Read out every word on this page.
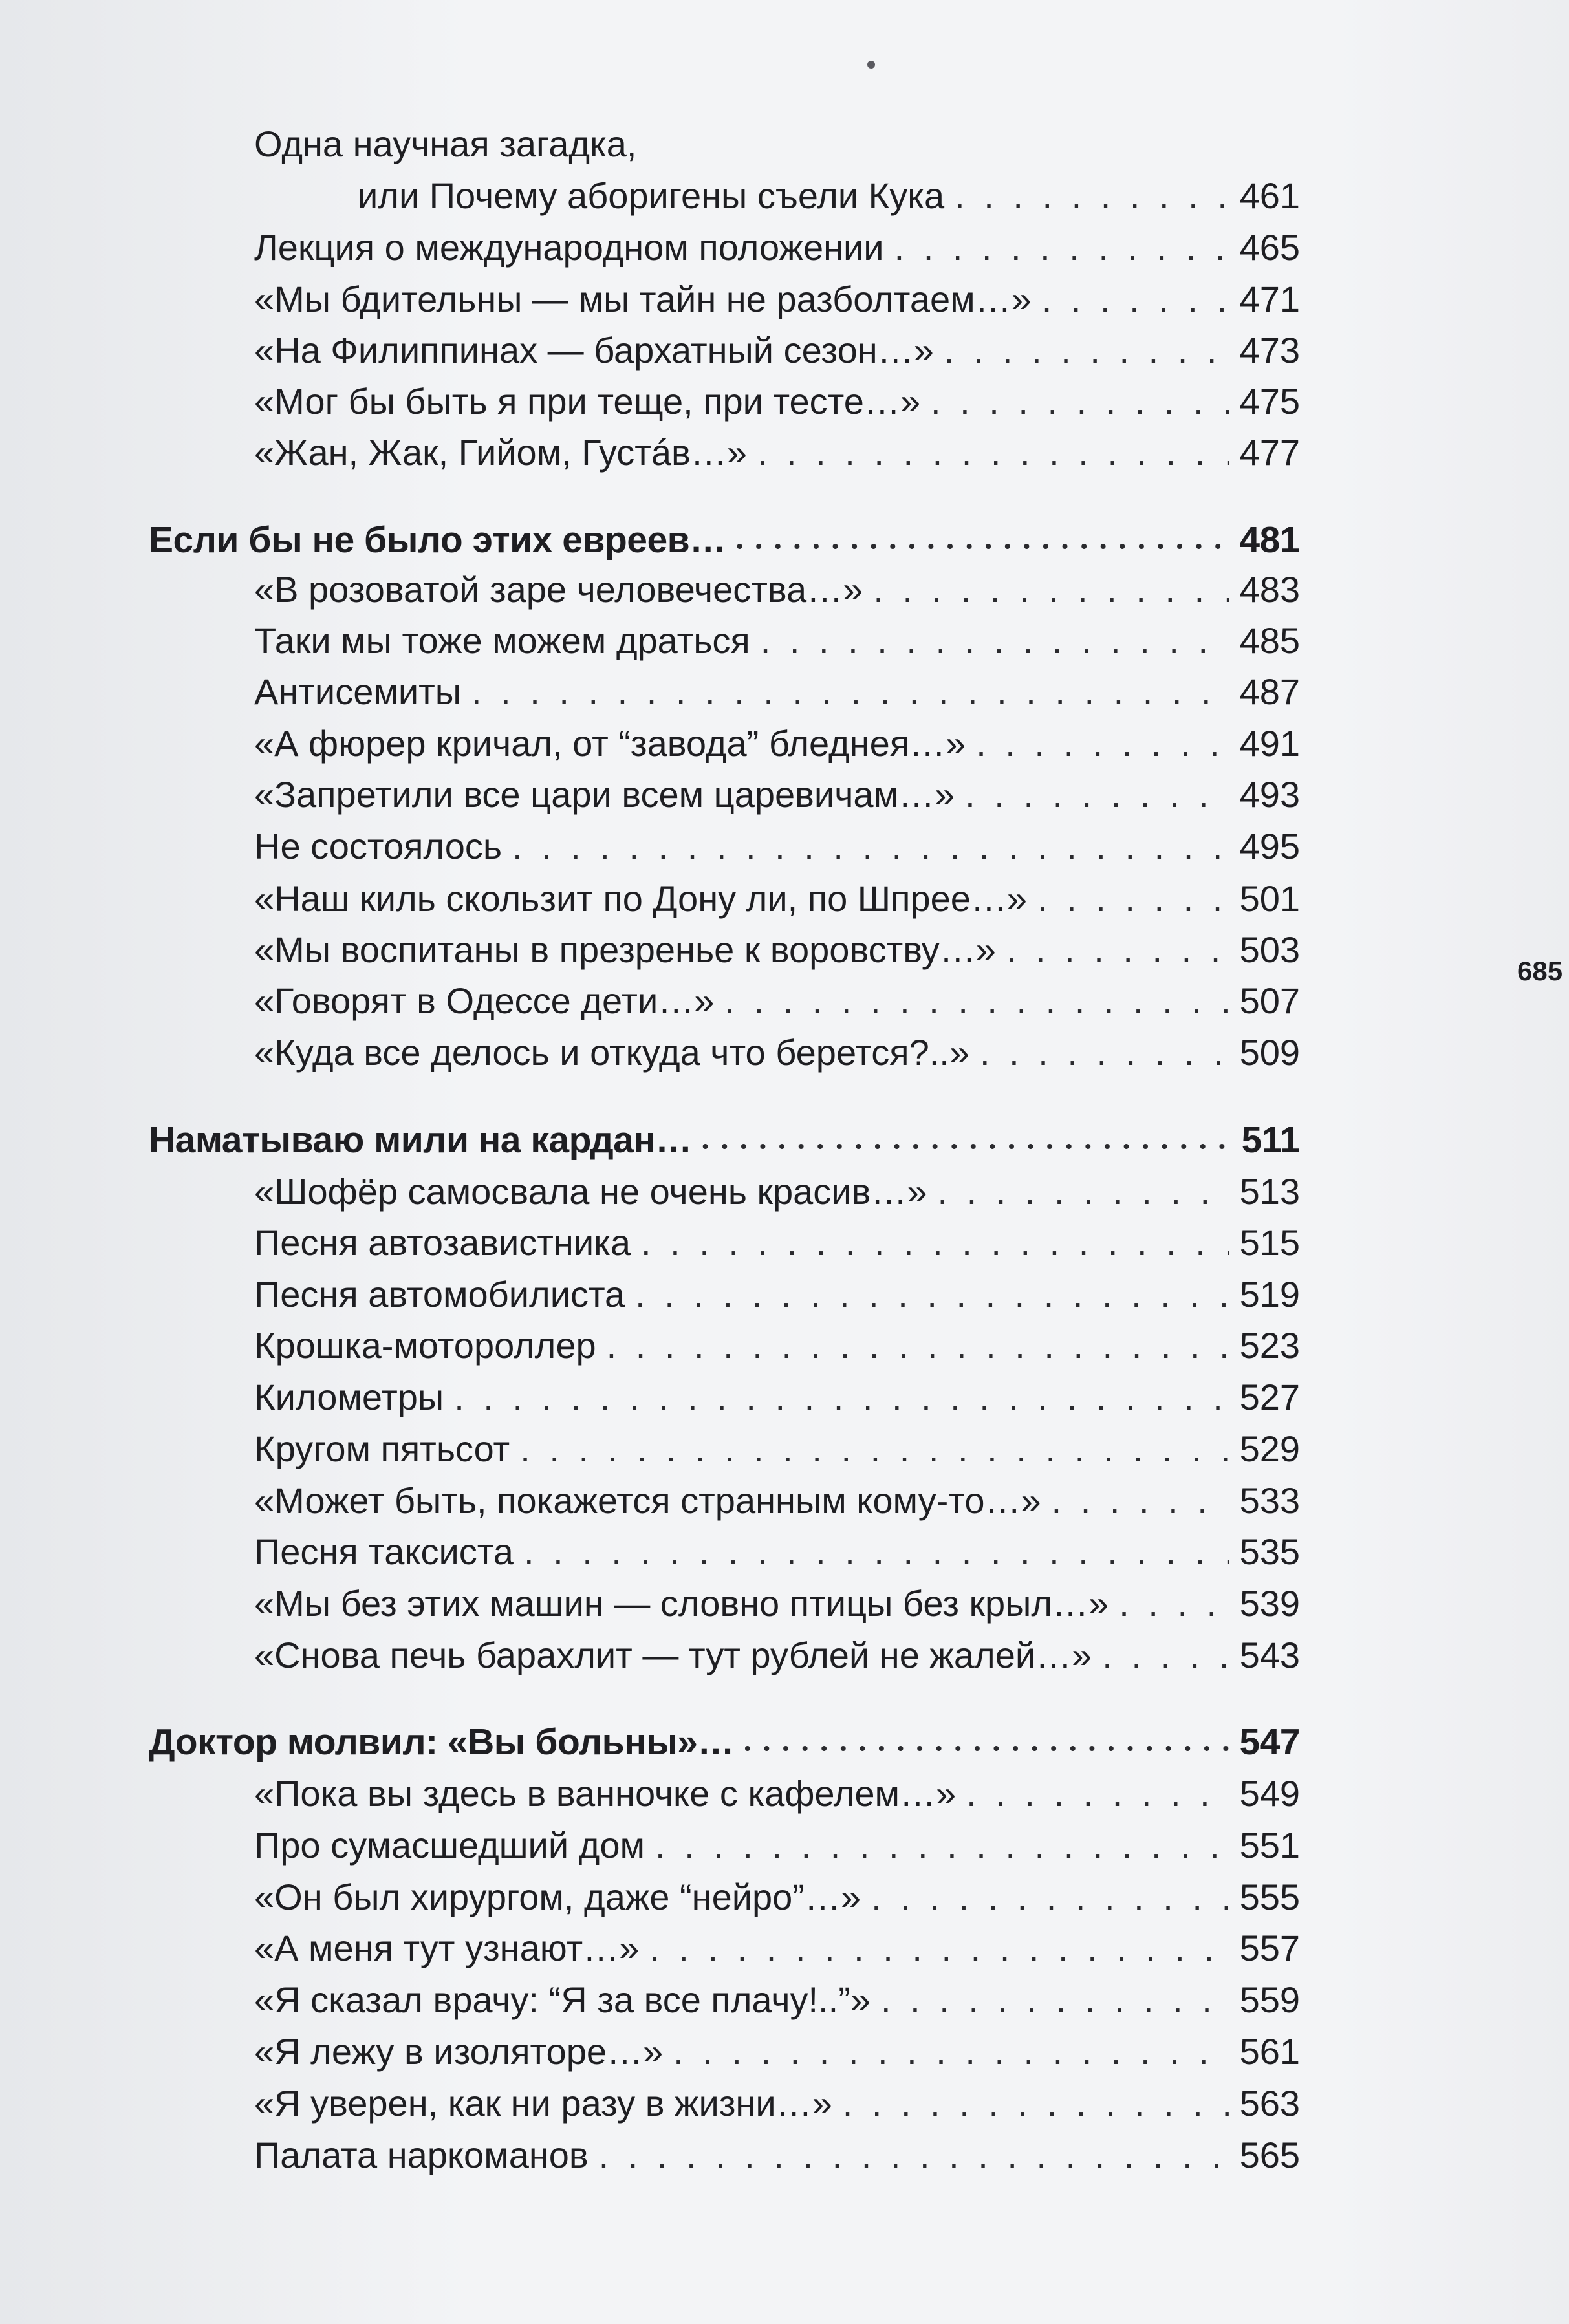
Одна научная загадка,
или Почему аборигены съели Кука . . .	461
Лекция о международном положении . . .	465
«Мы бдительны — мы тайн не разболтаем…» . . .	471
«На Филиппинах — бархатный сезон…» . . .	473
«Мог бы быть я при теще, при тесте…» . . .	475
«Жан, Жак, Гийом, Густáв…» . . .	477
Если бы не было этих евреев… • • •	481
«В розоватой заре человечества…» . . .	483
Таки мы тоже можем драться . . .	485
Антисемиты . . .	487
«А фюрер кричал, от “завода” бледнея…» . . .	491
«Запретили все цари всем царевичам…» . . .	493
Не состоялось . . .	495
«Наш киль скользит по Дону ли, по Шпрее…» . . .	501
«Мы воспитаны в презренье к воровству…» . . .	503
«Говорят в Одессе дети…» . . .	507
«Куда все делось и откуда что берется?..» . . .	509
Наматываю мили на кардан… • • •	511
«Шофёр самосвала не очень красив…» . . .	513
Песня автозавистника . . .	515
Песня автомобилиста . . .	519
Крошка-мотороллер . . .	523
Километры . . .	527
Кругом пятьсот . . .	529
«Может быть, покажется странным кому-то…» . . .	533
Песня таксиста . . .	535
«Мы без этих машин — словно птицы без крыл…» . . .	539
«Снова печь барахлит — тут рублей не жалей…» . . .	543
Доктор молвил: «Вы больны»… • • •	547
«Пока вы здесь в ванночке с кафелем…» . . .	549
Про сумасшедший дом . . .	551
«Он был хирургом, даже “нейро”…» . . .	555
«А меня тут узнают…» . . .	557
«Я сказал врачу: “Я за все плачу!..”» . . .	559
«Я лежу в изоляторе…» . . .	561
«Я уверен, как ни разу в жизни…» . . .	563
Палата наркоманов . . .	565
685
